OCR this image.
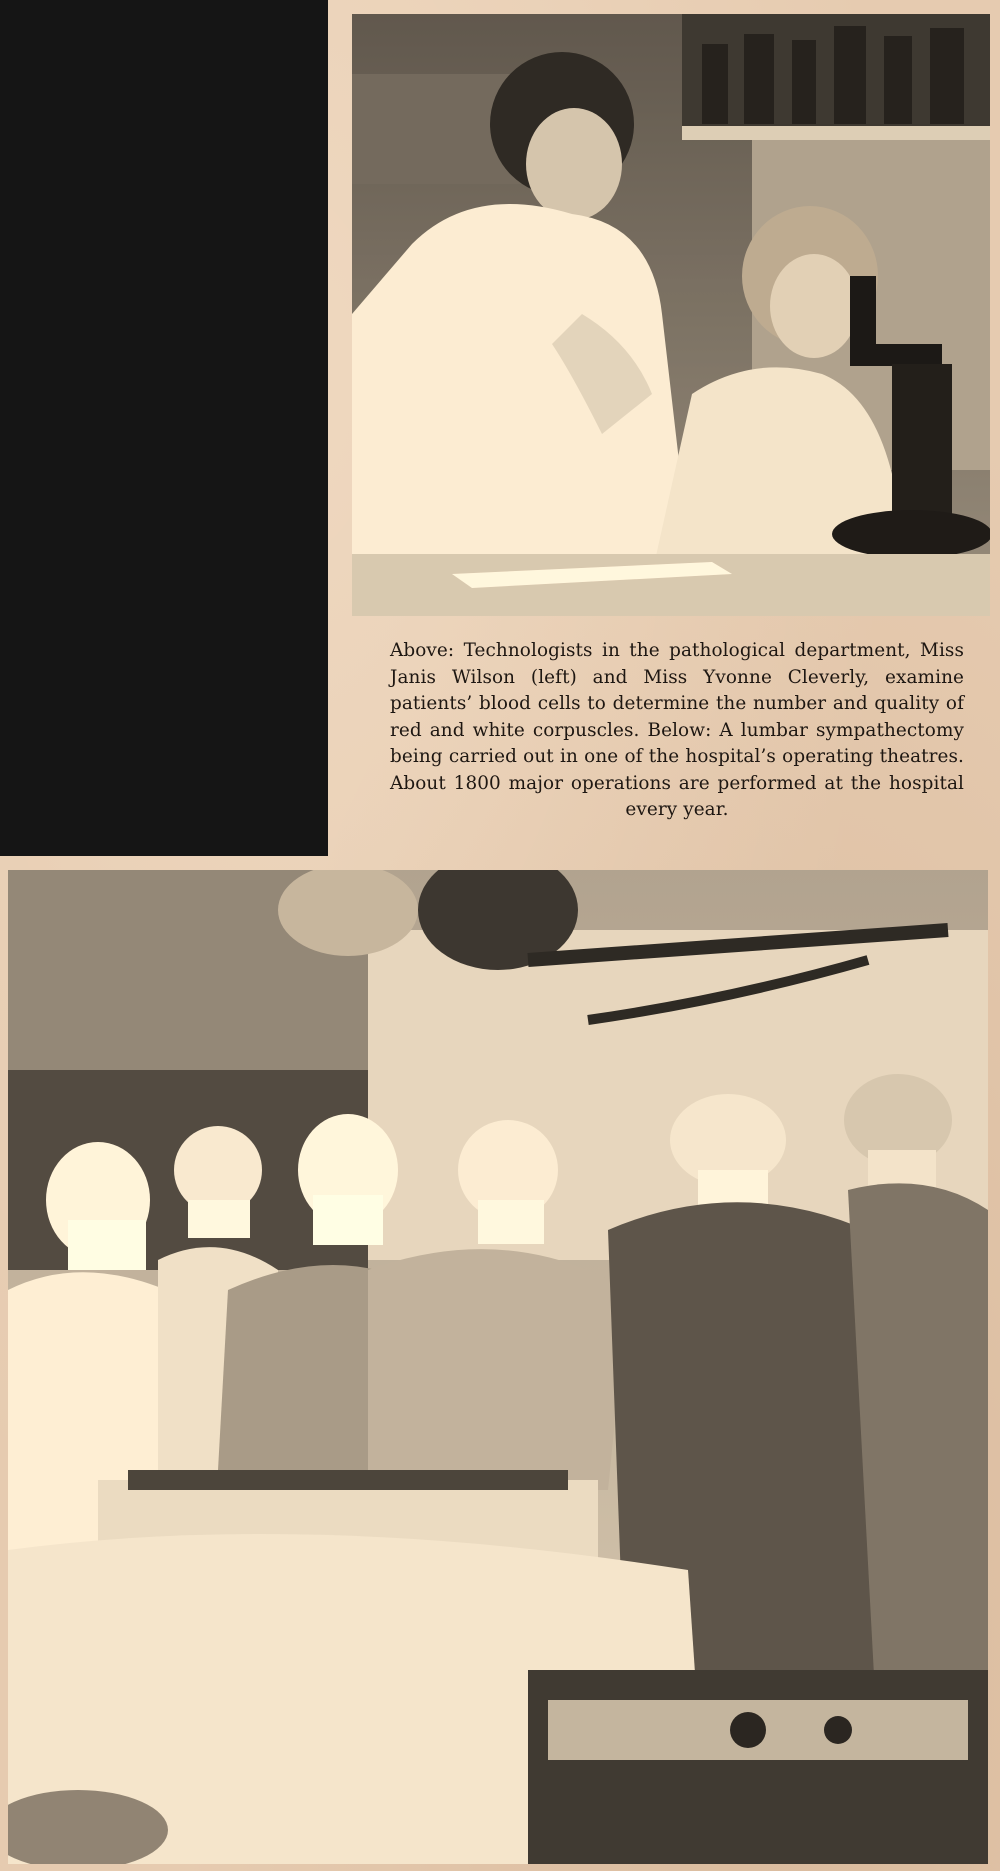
Above: Technologists in the pathological department, Miss Janis Wilson (left) and Miss Yvonne Cleverly, examine patients’ blood cells to determine the number and quality of red and white corpuscles. Below: A lumbar sympathectomy being carried out in one of the hospital’s operating theatres. About 1800 major operations are performed at the hospital every year.
